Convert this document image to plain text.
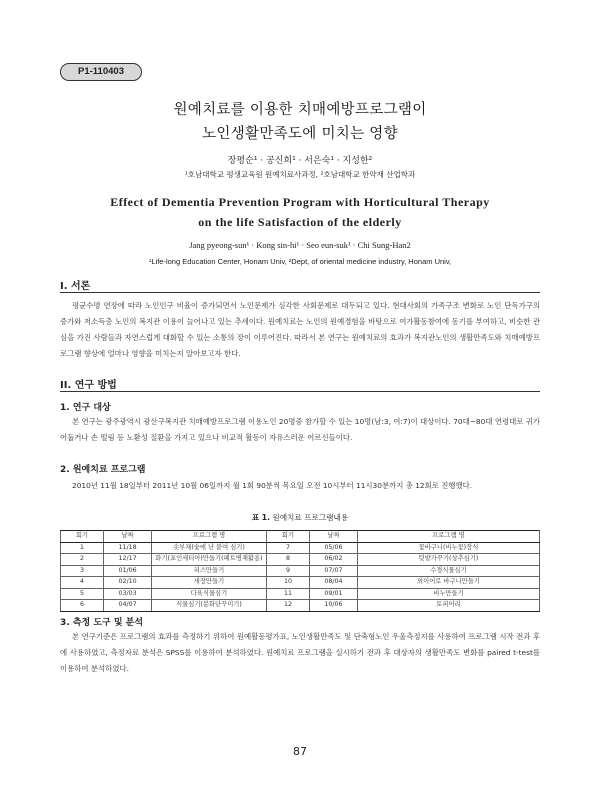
P1-110403
원예치료를 이용한 치매예방프로그램이
노인생활만족도에 미치는 영향
장평순¹ · 공신희¹ · 서은숙¹ · 지성한²
¹호남대학교 평생교육원 원예치료사과정, ²호남대학교 한약재 산업학과
Effect of Dementia Prevention Program with Horticultural Therapy
on the life Satisfaction of the elderly
Jang pyeong-sun¹ · Kong sin-hi¹ · Seo eun-suk¹ · Chi Sung-Han2
¹Life-long Education Center, Honam Univ, ²Dept, of oriental medicine industry, Honam Univ,
I. 서론
평균수명 연장에 따라 노인인구 비율이 증가되면서 노인문제가 심각한 사회문제로 대두되고 있다. 현대사회의 가족구조 변화로 노인 단독가구의 증가와 저소득층 노인의 복지관 이용이 늘어나고 있는 추세이다. 원예치료는 노인의 원예경험을 바탕으로 여가활동참여에 동기를 부여하고, 비슷한 관심을 가진 사람들과 자연스럽게 대화할 수 있는 소통의 장이 이루어진다. 따라서 본 연구는 원예치료의 효과가 복지관노인의 생활만족도와 치매예방프로그램 향상에 얼마나 영향을 미치는지 알아보고자 한다.
II. 연구 방법
1. 연구 대상
본 연구는 광주광역시 광산구복지관 치매예방프로그램 이용노인 20명중 참가할 수 있는 10명(남:3, 여:7)이 대상이다. 70대~80대 연령대로 귀가 어둡거나 손 떨림 등 노환성 질환을 가지고 있으나 비교적 활동이 자유스러운 어르신들이다.
2. 원예치료 프로그램
2010년 11월 18일부터 2011년 10월 06일까지 월 1회 90분씩 목요일 오전 10시부터 11시30분까지 총 12회로 진행했다.
표 1. 원예치료 프로그램내용
회기	날짜	프로그램 명	회기	날짜	프로그램 명
1	11/18	솟부채(숯에 난 붙여 심기)	7	05/06	꽃바구니(비누꽃)장식
2	12/17	화기(포인세티아)만들기(페트병재활용)	8	06/02	텃밭가꾸기(상추심기)
3	01/06	리스만들기	9	07/07	수경식물심기
4	02/10	새장만들기	10	08/04	외이어로 바구니만들기
5	03/03	다육식물심기	11	09/01	비누만들기
6	04/07	식물심기(봉화단꾸미기)	12	10/06	토피어리
3. 측정 도구 및 분석
본 연구기준은 프로그램의 효과를 측정하기 위하여 원예활동평가표, 노인생활만족도 및 단축형노인 우울측정지를 사용하여 프로그램 시작 전과 후에 사용하였고, 측정자료 분석은 SPSS를 이용하여 분석하였다. 원예치료 프로그램을 실시하기 전과 후 대상자의 생활만족도 변화를 paired t-test를 이용하여 분석하였다.
87
